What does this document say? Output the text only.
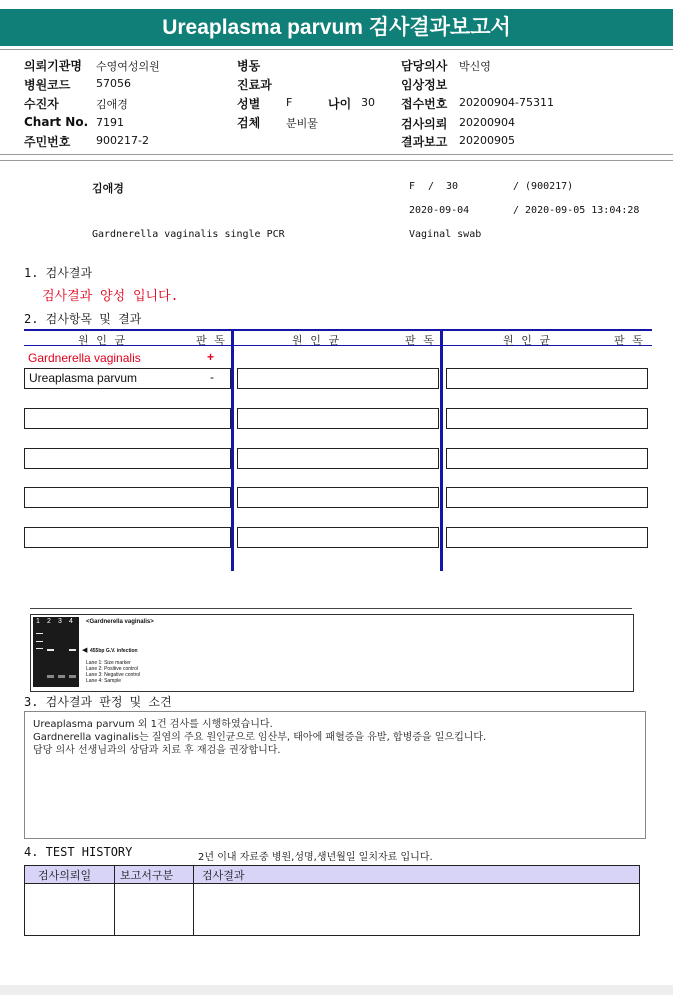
Ureaplasma parvum 검사결과보고서
의뢰기관명 수영여성의원
병원코드 57056
수진자	김애경
Chart No. 7191
주민번호 900217-2
병동
진료과
성별 F	나이 30
검체 분비물
담당의사 박신영
임상정보
접수번호 20200904-75311
검사의뢰 20200904
결과보고 20200905
김애경	F / 30	/ (900217)
2020-09-04	/ 2020-09-05 13:04:28
Gardnerella vaginalis single PCR	Vaginal swab
1. 검사결과
검사결과 양성 입니다.
2. 검사항목 및 결과
원 인 균	판 독	원 인 균	판 독	원 인 균	판 독
Gardnerella vaginalis	+
Ureaplasma parvum	-
1 2 3 4 <Gardnerella vaginalis>
◀ 455bp G.V. infection
Lane 1: Size marker
Lane 2: Positive control
Lane 3: Negative control
Lane 4: Sample
3. 검사결과 판정 및 소견
Ureaplasma parvum 외 1건 검사를 시행하였습니다.
Gardnerella vaginalis는 질염의 주요 원인균으로 임산부, 태아에 패혈증을 유발, 합병증을 일으킵니다.
담당 의사 선생님과의 상담과 치료 후 재검을 권장합니다.
4. TEST HISTORY	2년 이내 자료중 병원,성명,생년월일 일치자료 입니다.
검사의뢰일	보고서구분	검사결과
